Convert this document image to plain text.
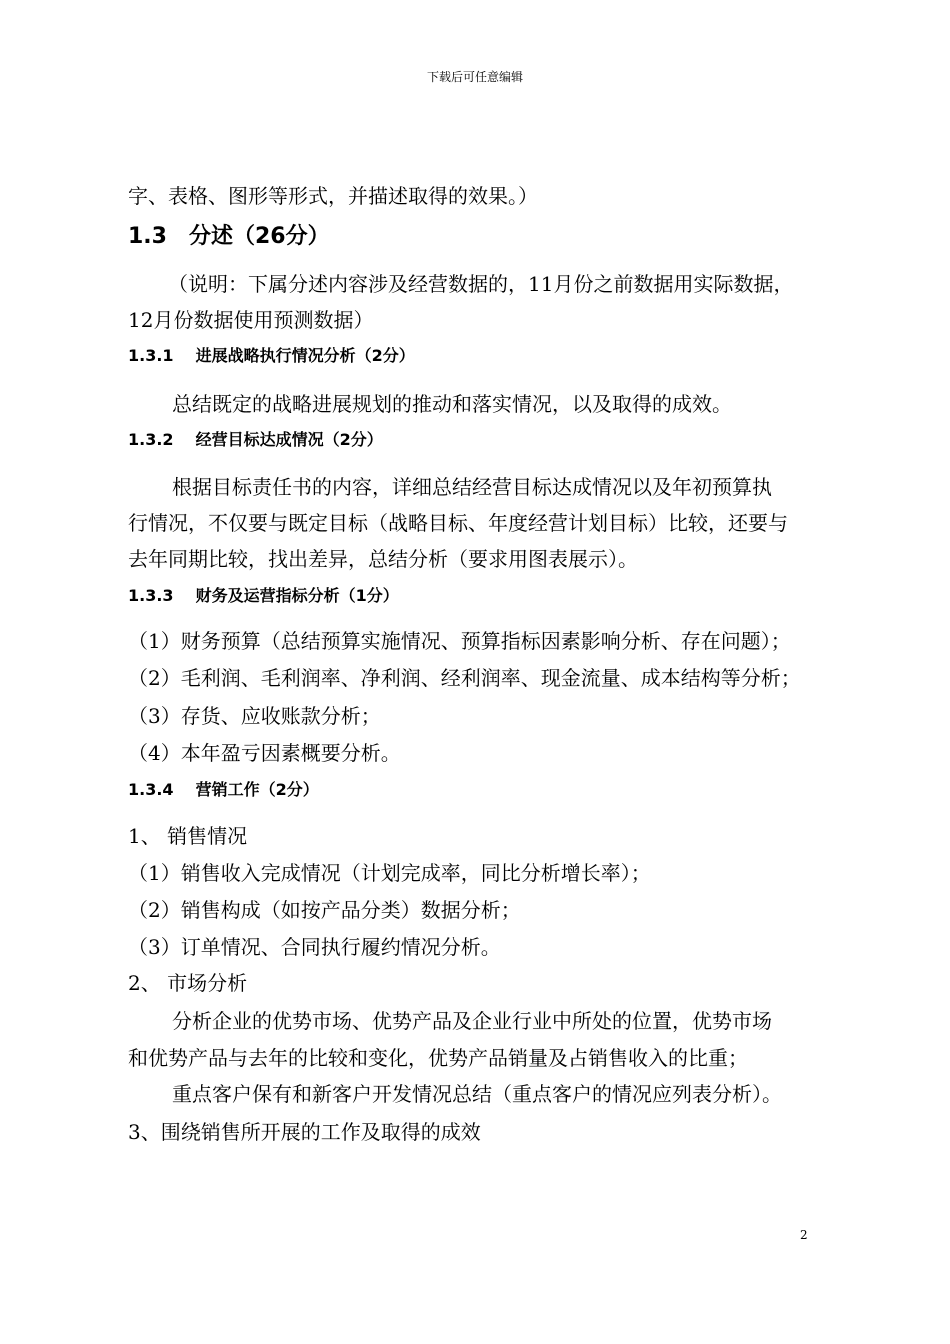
下载后可任意编辑
字、表格、图形等形式，并描述取得的效果。）
1.3 分述（26分）
（说明：下属分述内容涉及经营数据的，11月份之前数据用实际数据，
12月份数据使用预测数据）
1.3.1 进展战略执行情况分析（2分）
总结既定的战略进展规划的推动和落实情况，以及取得的成效。
1.3.2 经营目标达成情况（2分）
根据目标责任书的内容，详细总结经营目标达成情况以及年初预算执
行情况，不仅要与既定目标（战略目标、年度经营计划目标）比较，还要与
去年同期比较，找出差异，总结分析（要求用图表展示）。
1.3.3 财务及运营指标分析（1分）
（1）财务预算（总结预算实施情况、预算指标因素影响分析、存在问题）；
（2）毛利润、毛利润率、净利润、经利润率、现金流量、成本结构等分析；
（3）存货、应收账款分析；
（4）本年盈亏因素概要分析。
1.3.4 营销工作（2分）
1、 销售情况
（1）销售收入完成情况（计划完成率，同比分析增长率）；
（2）销售构成（如按产品分类）数据分析；
（3）订单情况、合同执行履约情况分析。
2、 市场分析
分析企业的优势市场、优势产品及企业行业中所处的位置，优势市场
和优势产品与去年的比较和变化，优势产品销量及占销售收入的比重；
重点客户保有和新客户开发情况总结（重点客户的情况应列表分析）。
3、围绕销售所开展的工作及取得的成效
2
